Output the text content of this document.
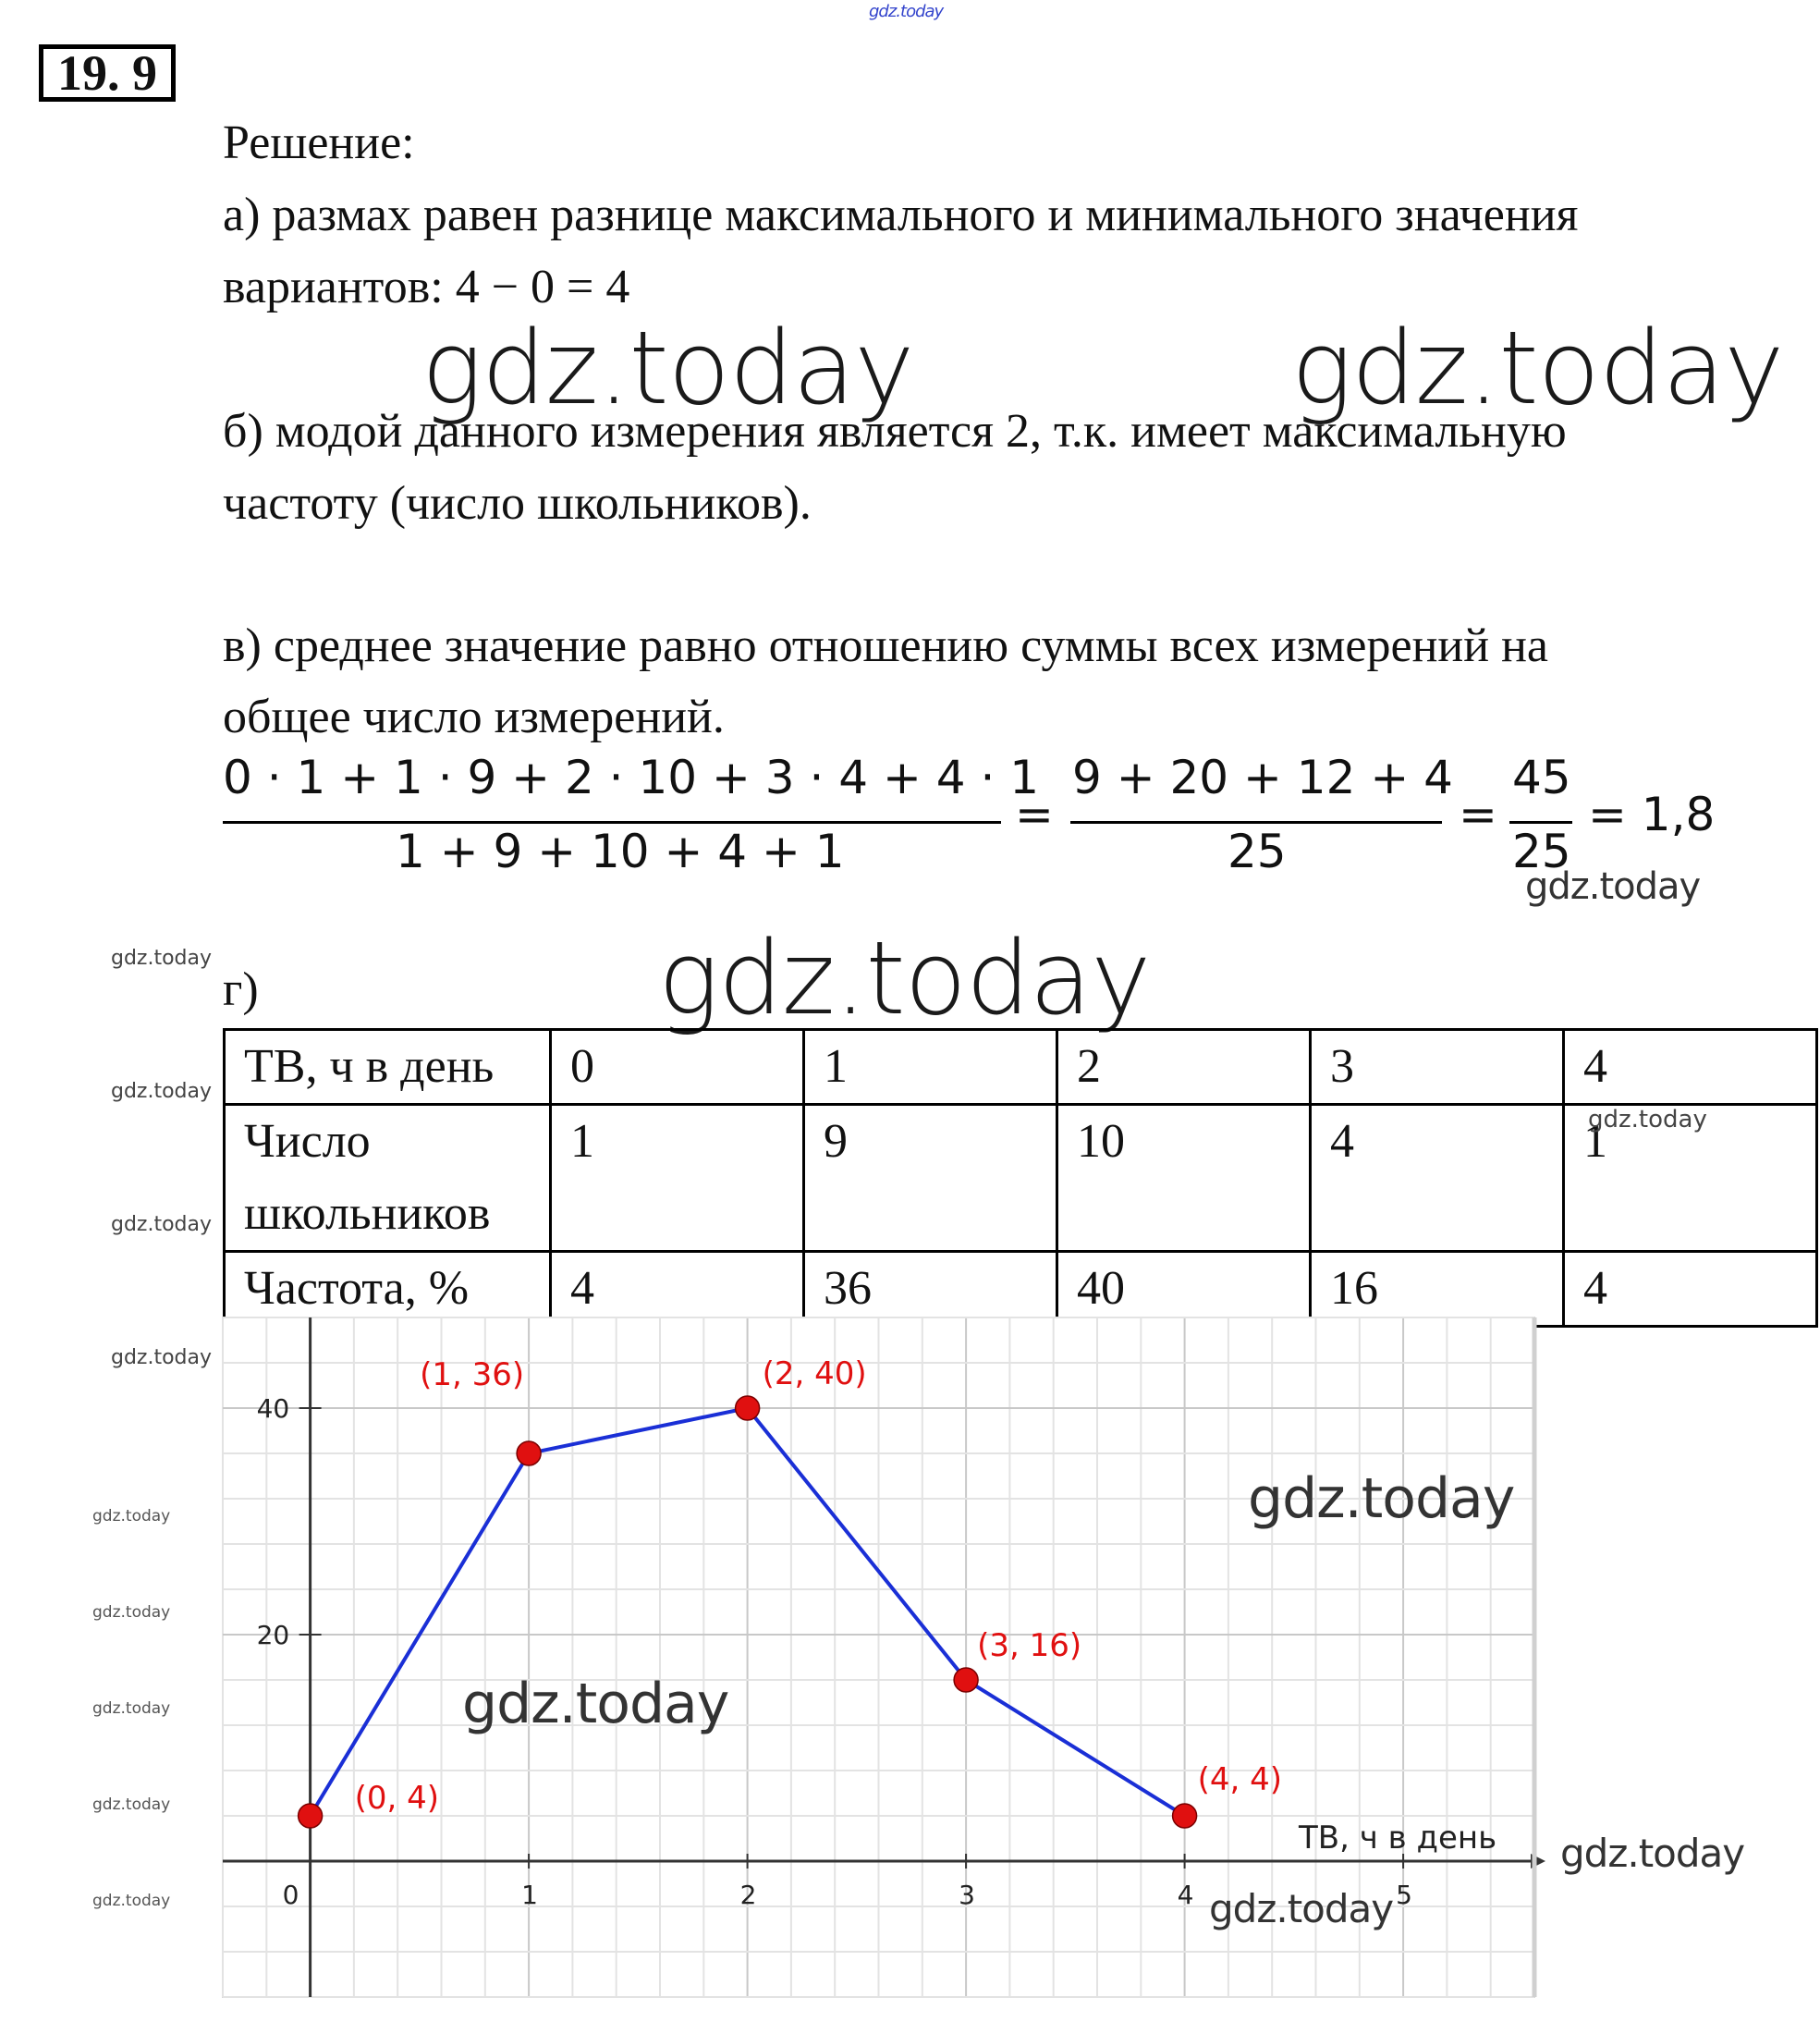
gdz.today
19. 9
Решение:
а) размах равен разнице максимального и минимального значения
вариантов: 4 − 0 = 4
gdz.today	gdz.today
б) модой данного измерения является 2, т.к. имеет максимальную
частоту (число школьников).
в) среднее значение равно отношению суммы всех измерений на
общее число измерений.
0 · 1 + 1 · 9 + 2 · 10 + 3 · 4 + 4 · 1
1 + 9 + 10 + 4 + 1
=
9 + 20 + 12 + 4
25
=
45
25
= 1,8
gdz.today
gdz.today
gdz.today
gdz.today
gdz.today
gdz.today
gdz.today
gdz.today
gdz.today
gdz.today
г)	gdz.today
ТВ, ч в день	0	1	2	3	4
Число
школьников	1	9	10	4	1
Частота, %	4	36	40	16	4
gdz.today
0	1	2	3	4	5
20
40
(0, 4)
(1, 36)	(2, 40)
(3, 16)
(4, 4)
ТВ, ч в день
gdz.today
gdz.today
gdz.today
gdz.today
